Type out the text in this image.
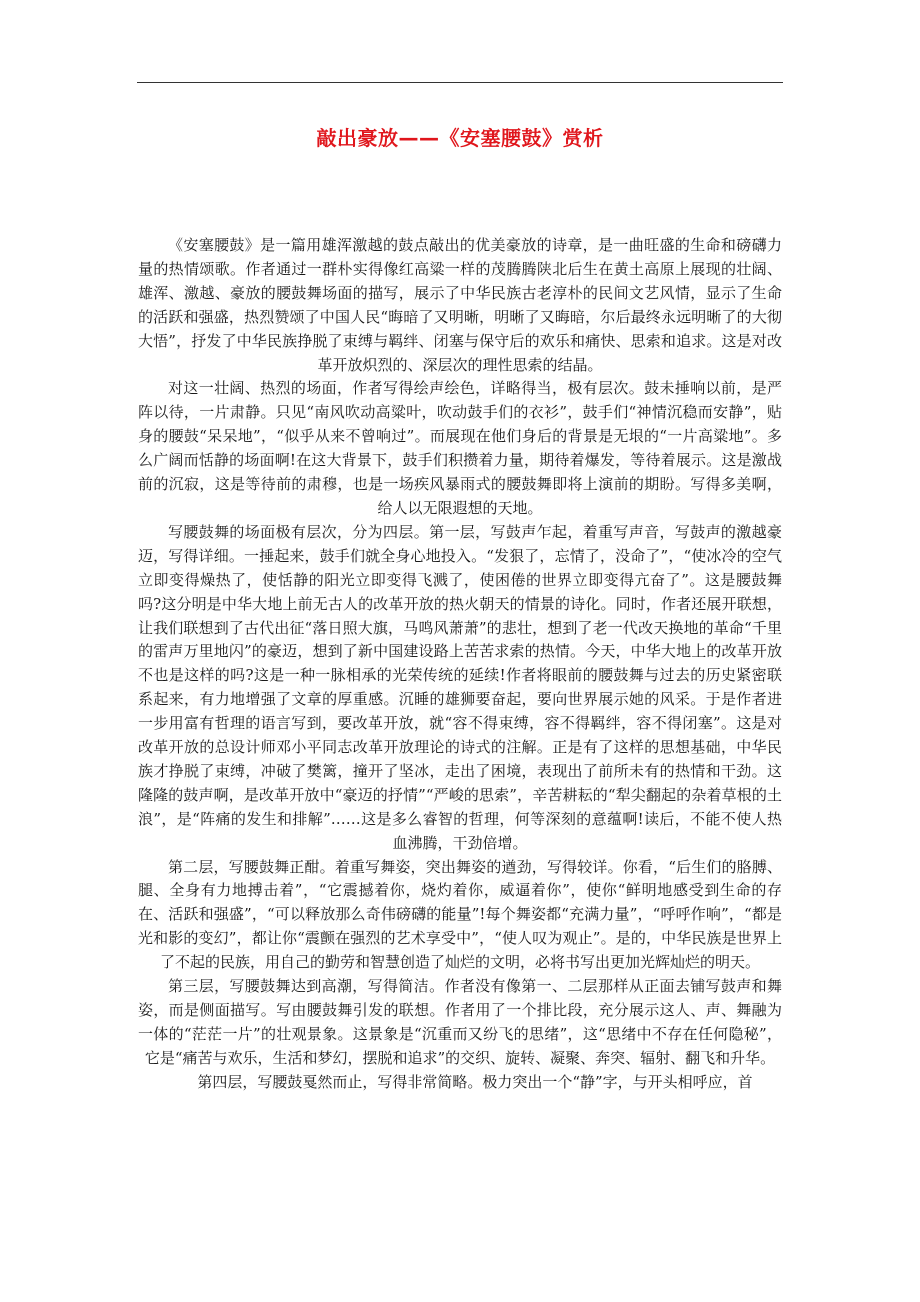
敲出豪放——《安塞腰鼓》赏析

《安塞腰鼓》是一篇用雄浑激越的鼓点敲出的优美豪放的诗章，是一曲旺盛的生命和磅礴力量的热情颂歌。作者通过一群朴实得像红高粱一样的茂腾腾陕北后生在黄土高原上展现的壮阔、雄浑、激越、豪放的腰鼓舞场面的描写，展示了中华民族古老淳朴的民间文艺风情，显示了生命的活跃和强盛，热烈赞颂了中国人民“晦暗了又明晰，明晰了又晦暗，尔后最终永远明晰了的大彻大悟”，抒发了中华民族挣脱了束缚与羁绊、闭塞与保守后的欢乐和痛快、思索和追求。这是对改革开放炽烈的、深层次的理性思索的结晶。

对这一壮阔、热烈的场面，作者写得绘声绘色，详略得当，极有层次。鼓未捶响以前，是严阵以待，一片肃静。只见“南风吹动高粱叶，吹动鼓手们的衣衫”，鼓手们“神情沉稳而安静”，贴身的腰鼓“呆呆地”，“似乎从来不曾响过”。而展现在他们身后的背景是无垠的“一片高粱地”。多么广阔而恬静的场面啊!在这大背景下，鼓手们积攒着力量，期待着爆发，等待着展示。这是激战前的沉寂，这是等待前的肃穆，也是一场疾风暴雨式的腰鼓舞即将上演前的期盼。写得多美啊，给人以无限遐想的天地。

写腰鼓舞的场面极有层次，分为四层。第一层，写鼓声乍起，着重写声音，写鼓声的激越豪迈，写得详细。一捶起来，鼓手们就全身心地投入。“发狠了，忘情了，没命了”，“使冰冷的空气立即变得燥热了，使恬静的阳光立即变得飞溅了，使困倦的世界立即变得亢奋了”。这是腰鼓舞吗?这分明是中华大地上前无古人的改革开放的热火朝天的情景的诗化。同时，作者还展开联想，让我们联想到了古代出征“落日照大旗，马鸣风萧萧”的悲壮，想到了老一代改天换地的革命“千里的雷声万里地闪”的豪迈，想到了新中国建设路上苦苦求索的热情。今天，中华大地上的改革开放不也是这样的吗?这是一种一脉相承的光荣传统的延续!作者将眼前的腰鼓舞与过去的历史紧密联系起来，有力地增强了文章的厚重感。沉睡的雄狮要奋起，要向世界展示她的风采。于是作者进一步用富有哲理的语言写到，要改革开放，就“容不得束缚，容不得羁绊，容不得闭塞”。这是对改革开放的总设计师邓小平同志改革开放理论的诗式的注解。正是有了这样的思想基础，中华民族才挣脱了束缚，冲破了樊篱，撞开了坚冰，走出了困境，表现出了前所未有的热情和干劲。这隆隆的鼓声啊，是改革开放中“豪迈的抒情”“严峻的思索”，辛苦耕耘的“犁尖翻起的杂着草根的土浪”，是“阵痛的发生和排解”……这是多么睿智的哲理，何等深刻的意蕴啊!读后，不能不使人热血沸腾，干劲倍增。

第二层，写腰鼓舞正酣。着重写舞姿，突出舞姿的遒劲，写得较详。你看，“后生们的胳膊、腿、全身有力地搏击着”，“它震撼着你，烧灼着你，威逼着你”，使你“鲜明地感受到生命的存在、活跃和强盛”，“可以释放那么奇伟磅礴的能量”!每个舞姿都“充满力量”，“呼呼作响”，“都是光和影的变幻”，都让你“震颤在强烈的艺术享受中”，“使人叹为观止”。是的，中华民族是世界上了不起的民族，用自己的勤劳和智慧创造了灿烂的文明，必将书写出更加光辉灿烂的明天。

第三层，写腰鼓舞达到高潮，写得简洁。作者没有像第一、二层那样从正面去铺写鼓声和舞姿，而是侧面描写。写由腰鼓舞引发的联想。作者用了一个排比段，充分展示这人、声、舞融为一体的“茫茫一片”的壮观景象。这景象是“沉重而又纷飞的思绪”，这“思绪中不存在任何隐秘”，它是“痛苦与欢乐，生活和梦幻，摆脱和追求”的交织、旋转、凝聚、奔突、辐射、翻飞和升华。

第四层，写腰鼓戛然而止，写得非常简略。极力突出一个“静”字，与开头相呼应，首
